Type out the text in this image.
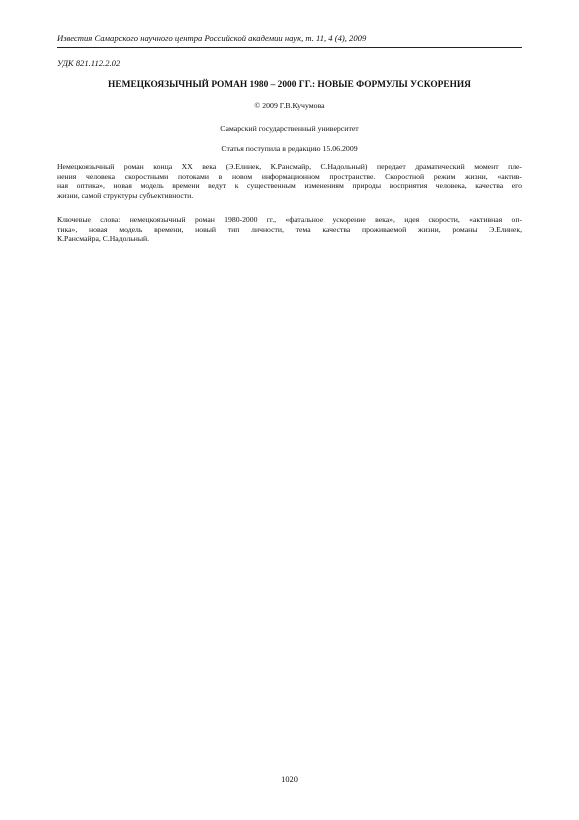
Известия Самарского научного центра Российской академии наук, т. 11, 4 (4), 2009
УДК 821.112.2.02
НЕМЕЦКОЯЗЫЧНЫЙ РОМАН 1980 – 2000 ГГ.: НОВЫЕ ФОРМУЛЫ УСКОРЕНИЯ
© 2009 Г.В.Кучумова
Самарский государственный университет
Статья поступила в редакцию 15.06.2009
Немецкоязычный роман конца XX века (Э.Елинек, К.Рансмайр, С.Надольный) передает драматический момент пле-
нения человека скоростными потоками в новом информационном пространстве. Скоростной режим жизни, «актив-
ная оптика», новая модель времени ведут к существенным изменениям природы восприятия человека, качества его
жизни, самой структуры субъективности.
Ключевые слова: немецкоязычный роман 1980-2000 гг., «фатальное ускорение века», идея скорости, «активная оп-
тика», новая модель времени, новый тип личности, тема качества проживаемой жизни, романы Э.Елинек,
К.Рансмайра, С.Надольный.
1020
